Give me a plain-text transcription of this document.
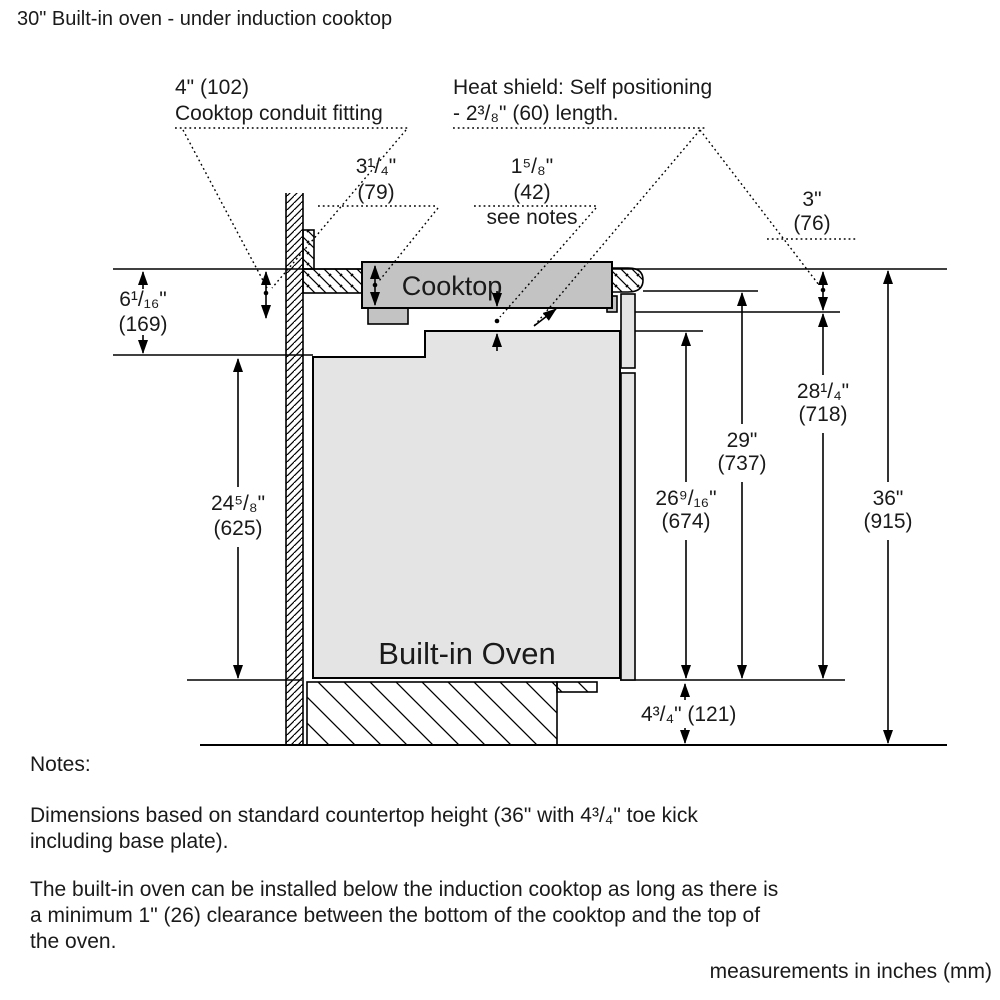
30" Built-in oven - under induction cooktop
Cooktop
Built-in Oven
4" (102)
Cooktop conduit fitting
Heat shield: Self positioning
- 2³/₈" (60) length.
3¹/₄"
(79)
1⁵/₈"
(42)
see notes
3"
(76)
6¹/₁₆"
(169)
24⁵/₈"
(625)
26⁹/₁₆"
(674)
29"
(737)
28¹/₄"
(718)
36"
(915)
4³/₄" (121)
Notes:
Dimensions based on standard countertop height (36" with 4³/₄" toe kick
including base plate).
The built-in oven can be installed below the induction cooktop as long as there is
a minimum 1" (26) clearance between the bottom of the cooktop and the top of
the oven.
measurements in inches (mm)
